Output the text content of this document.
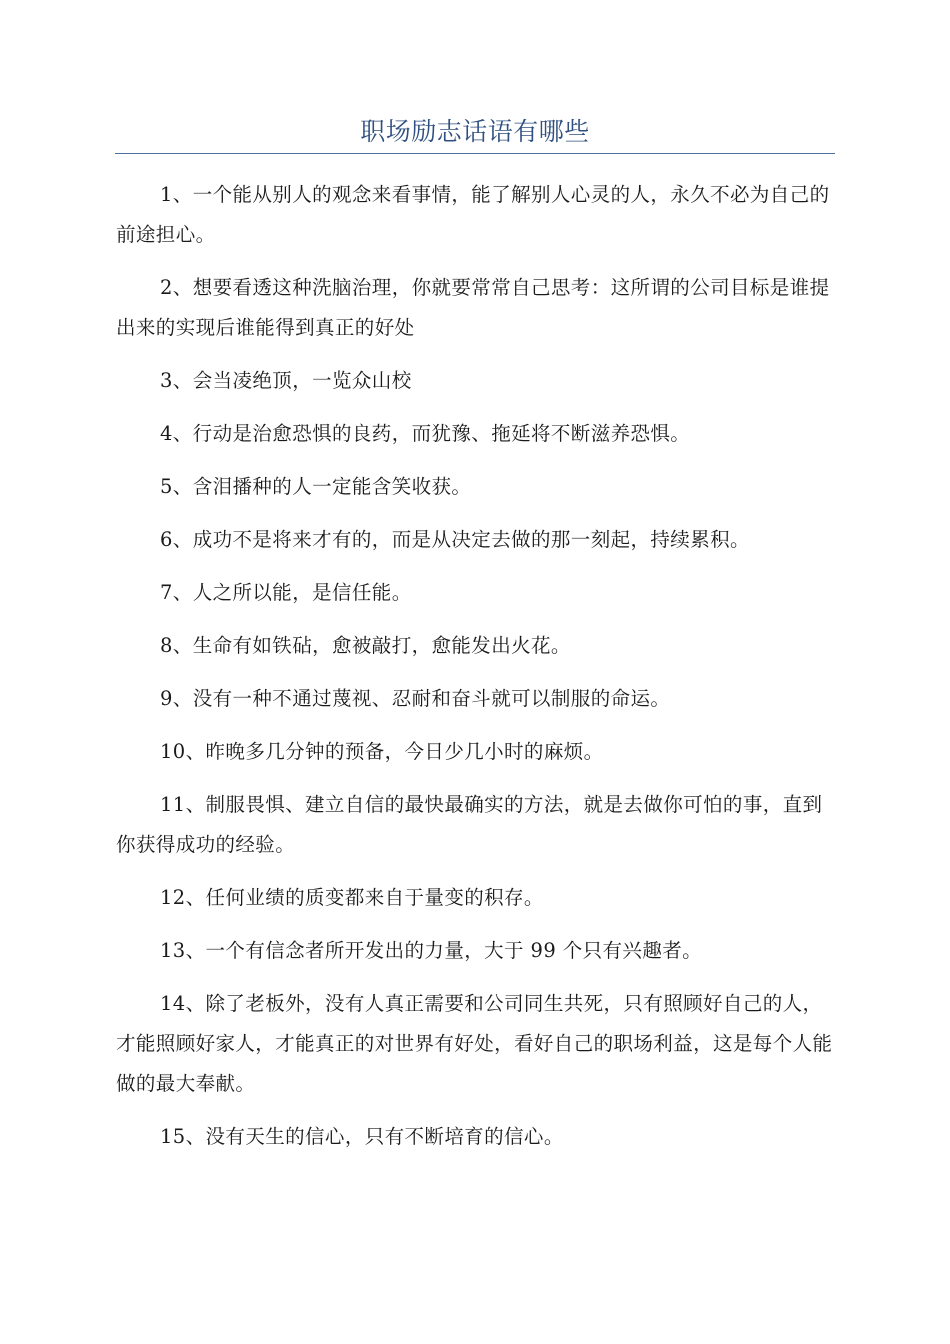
职场励志话语有哪些

1、一个能从别人的观念来看事情，能了解别人心灵的人，永久不必为自己的前途担心。

2、想要看透这种洗脑治理，你就要常常自己思考：这所谓的公司目标是谁提出来的实现后谁能得到真正的好处

3、会当凌绝顶，一览众山校

4、行动是治愈恐惧的良药，而犹豫、拖延将不断滋养恐惧。

5、含泪播种的人一定能含笑收获。

6、成功不是将来才有的，而是从决定去做的那一刻起，持续累积。

7、人之所以能，是信任能。

8、生命有如铁砧，愈被敲打，愈能发出火花。

9、没有一种不通过蔑视、忍耐和奋斗就可以制服的命运。

10、昨晚多几分钟的预备，今日少几小时的麻烦。

11、制服畏惧、建立自信的最快最确实的方法，就是去做你可怕的事，直到你获得成功的经验。

12、任何业绩的质变都来自于量变的积存。

13、一个有信念者所开发出的力量，大于 99 个只有兴趣者。

14、除了老板外，没有人真正需要和公司同生共死，只有照顾好自己的人，才能照顾好家人，才能真正的对世界有好处，看好自己的职场利益，这是每个人能做的最大奉献。

15、没有天生的信心，只有不断培育的信心。
